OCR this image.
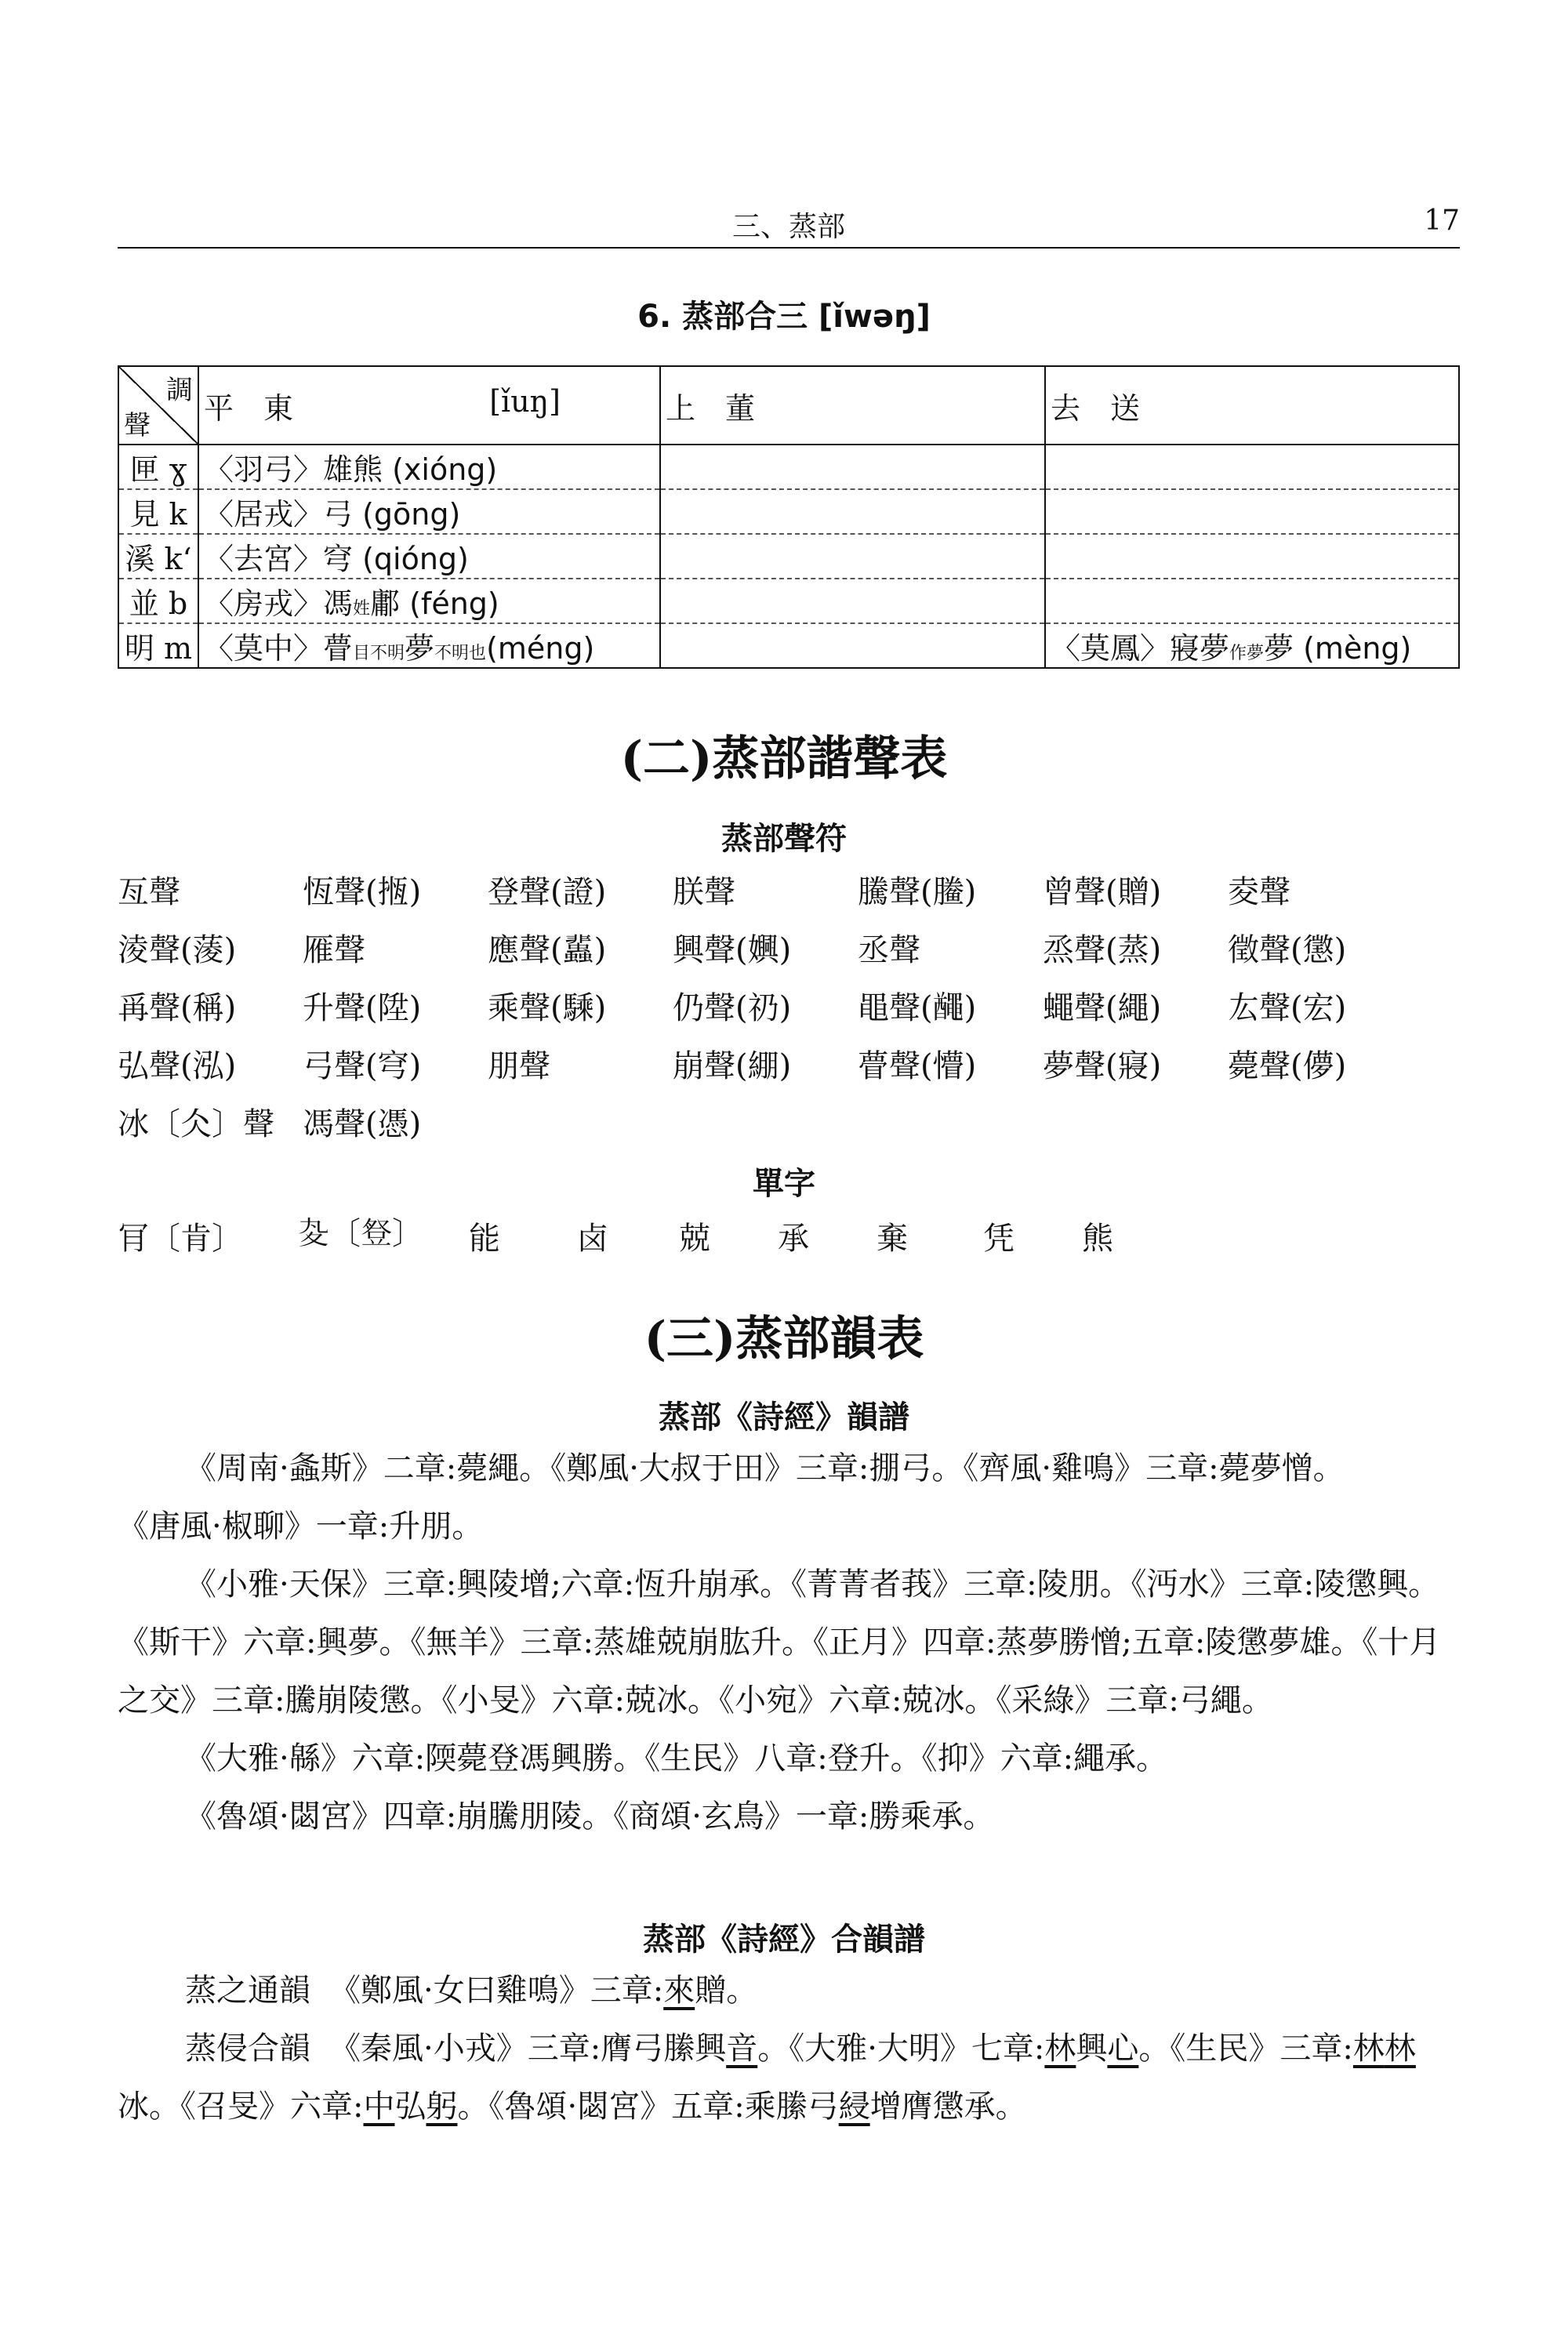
三、蒸部	17
6. 蒸部合三 [ǐwəŋ]
調
聲	平　東 [ǐuŋ]	上　董	去　送
匣 ɣ	〈羽弓〉雄熊 (xióng)		
見 k	〈居戎〉弓 (gōng)		
溪 kʻ	〈去宮〉穹 (qióng)		
並 b	〈房戎〉馮姓鄘 (féng)		
明 m	〈莫中〉瞢目不明夢不明也(méng)		〈莫鳳〉寢夢作夢夢 (mèng)
(二)蒸部諧聲表
蒸部聲符
亙聲	恆聲(揯) 登聲(證) 朕聲	騰聲(䲢) 曾聲(贈) 夌聲
淩聲(蔆) 雁聲	應聲(𧕿) 興聲(嬹) 丞聲	烝聲(蒸) 徵聲(懲)
爯聲(稱) 升聲(陞) 乘聲(騬) 仍聲(礽) 黽聲(𪓰) 蠅聲(繩) 厷聲(宏)
弘聲(泓) 弓聲(穹) 朋聲	崩聲(綳) 瞢聲(懵) 夢聲(寢) 薨聲(儚)
冰〔仌〕聲 馮聲(憑)
單字
肎〔肯〕 𡕞〔豋〕 能 卤 兢 承 棄 凭 熊
(三)蒸部韻表
蒸部《詩經》韻譜

《周南·螽斯》二章:薨繩。《鄭風·大叔于田》三章:掤弓。《齊風·雞鳴》三章:薨夢憎。

《唐風·椒聊》一章:升朋。

《小雅·天保》三章:興陵增;六章:恆升崩承。《菁菁者莪》三章:陵朋。《沔水》三章:陵懲興。《斯干》六章:興夢。《無羊》三章:蒸雄兢崩肱升。《正月》四章:蒸夢勝憎;五章:陵懲夢雄。《十月之交》三章:騰崩陵懲。《小旻》六章:兢冰。《小宛》六章:兢冰。《采綠》三章:弓繩。

《大雅·緜》六章:陾薨登馮興勝。《生民》八章:登升。《抑》六章:繩承。

《魯頌·閟宮》四章:崩騰朋陵。《商頌·玄鳥》一章:勝乘承。

蒸部《詩經》合韻譜

蒸之通韻 《鄭風·女曰雞鳴》三章:來贈。

蒸侵合韻 《秦風·小戎》三章:膺弓縢興音。《大雅·大明》七章:林興心。《生民》三章:林林冰。《召旻》六章:中弘躬。《魯頌·閟宮》五章:乘縢弓綅增膺懲承。
